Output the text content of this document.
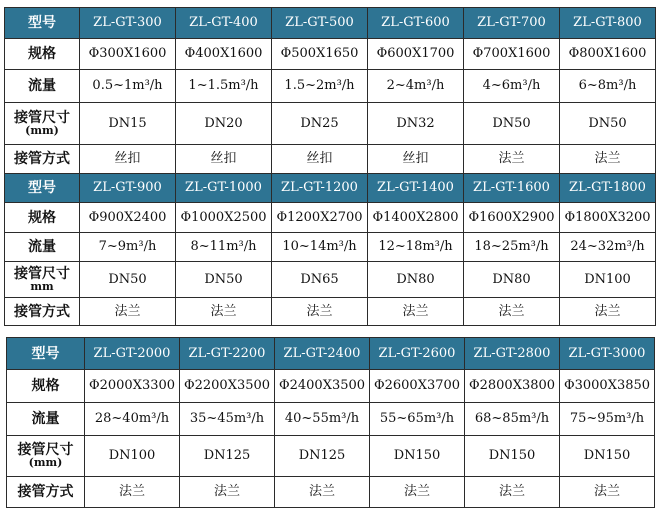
型号	ZL-GT-300	ZL-GT-400	ZL-GT-500	ZL-GT-600	ZL-GT-700	ZL-GT-800

规格	Φ300X1600	Φ400X1600	Φ500X1650	Φ600X1700	Φ700X1600	Φ800X1600

流量	0.5~1m³/h	1~1.5m³/h	1.5~2m³/h	2~4m³/h	4~6m³/h	6~8m³/h

接管尺寸
(mm)	DN15	DN20	DN25	DN32	DN50	DN50

接管方式	丝扣	丝扣	丝扣	丝扣	法兰	法兰

型号	ZL-GT-900	ZL-GT-1000	ZL-GT-1200	ZL-GT-1400	ZL-GT-1600	ZL-GT-1800

规格	Φ900X2400	Φ1000X2500	Φ1200X2700	Φ1400X2800	Φ1600X2900	Φ1800X3200

流量	7~9m³/h	8~11m³/h	10~14m³/h	12~18m³/h	18~25m³/h	24~32m³/h

接管尺寸
mm	DN50	DN50	DN65	DN80	DN80	DN100

接管方式	法兰	法兰	法兰	法兰	法兰	法兰
型号	ZL-GT-2000	ZL-GT-2200	ZL-GT-2400	ZL-GT-2600	ZL-GT-2800	ZL-GT-3000

规格	Φ2000X3300	Φ2200X3500	Φ2400X3500	Φ2600X3700	Φ2800X3800	Φ3000X3850

流量	28~40m³/h	35~45m³/h	40~55m³/h	55~65m³/h	68~85m³/h	75~95m³/h

接管尺寸
(mm)	DN100	DN125	DN125	DN150	DN150	DN150

接管方式	法兰	法兰	法兰	法兰	法兰	法兰
